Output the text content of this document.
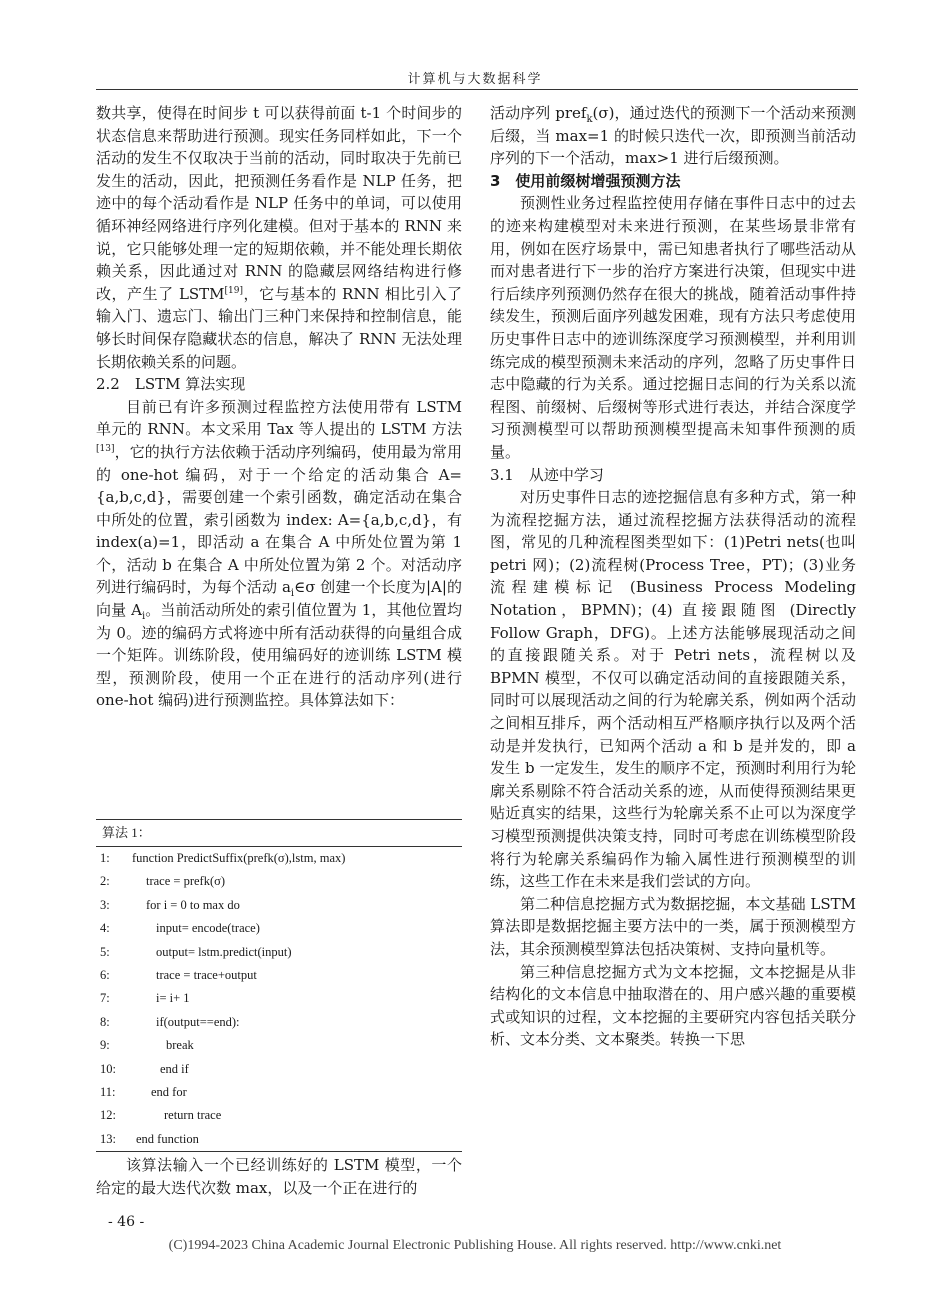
计算机与大数据科学

数共享，使得在时间步 t 可以获得前面 t-1 个时间步的状态信息来帮助进行预测。现实任务同样如此，下一个活动的发生不仅取决于当前的活动，同时取决于先前已发生的活动，因此，把预测任务看作是 NLP 任务，把迹中的每个活动看作是 NLP 任务中的单词，可以使用循环神经网络进行序列化建模。但对于基本的 RNN 来说，它只能够处理一定的短期依赖，并不能处理长期依赖关系，因此通过对 RNN 的隐藏层网络结构进行修改，产生了 LSTM[19]，它与基本的 RNN 相比引入了输入门、遗忘门、输出门三种门来保持和控制信息，能够长时间保存隐藏状态的信息，解决了 RNN 无法处理长期依赖关系的问题。

2.2　LSTM 算法实现

目前已有许多预测过程监控方法使用带有 LSTM 单元的 RNN。本文采用 Tax 等人提出的 LSTM 方法[13]，它的执行方法依赖于活动序列编码，使用最为常用的 one-hot 编码，对于一个给定的活动集合 A={a,b,c,d}，需要创建一个索引函数，确定活动在集合中所处的位置，索引函数为 index: A={a,b,c,d}，有 index(a)=1，即活动 a 在集合 A 中所处位置为第 1 个，活动 b 在集合 A 中所处位置为第 2 个。对活动序列进行编码时，为每个活动 $a_i\in\sigma$ 创建一个长度为|A|的向量 $A_i$。当前活动所处的索引值位置为 1，其他位置均为 0。迹的编码方式将迹中所有活动获得的向量组合成一个矩阵。训练阶段，使用编码好的迹训练 LSTM 模型，预测阶段，使用一个正在进行的活动序列(进行 one-hot 编码)进行预测监控。具体算法如下：

算法 1：
1: function PredictSuffix(prefk(σ),lstm, max)
2:	trace = prefk(σ)
3:	for i = 0 to max do
4:	input= encode(trace)
5:	output= lstm.predict(input)
6:	trace = trace+output
7:	i= i+ 1
8:	if(output==end):
9:	break
10:	end if
11:	end for
12:	return trace
13: end function

该算法输入一个已经训练好的 LSTM 模型，一个给定的最大迭代次数 max，以及一个正在进行的

活动序列 pref$_k$(σ)，通过迭代的预测下一个活动来预测后缀，当 max=1 的时候只迭代一次，即预测当前活动序列的下一个活动，max>1 进行后缀预测。

3　使用前缀树增强预测方法

预测性业务过程监控使用存储在事件日志中的过去的迹来构建模型对未来进行预测，在某些场景非常有用，例如在医疗场景中，需已知患者执行了哪些活动从而对患者进行下一步的治疗方案进行决策，但现实中进行后续序列预测仍然存在很大的挑战，随着活动事件持续发生，预测后面序列越发困难，现有方法只考虑使用历史事件日志中的迹训练深度学习预测模型，并利用训练完成的模型预测未来活动的序列，忽略了历史事件日志中隐藏的行为关系。通过挖掘日志间的行为关系以流程图、前缀树、后缀树等形式进行表达，并结合深度学习预测模型可以帮助预测模型提高未知事件预测的质量。

3.1　从迹中学习

对历史事件日志的迹挖掘信息有多种方式，第一种为流程挖掘方法，通过流程挖掘方法获得活动的流程图，常见的几种流程图类型如下：(1)Petri nets(也叫 petri 网)；(2)流程树(Process Tree，PT)；(3)业务流程建模标记 (Business Process Modeling Notation，BPMN)；(4) 直接跟随图 (Directly Follow Graph，DFG)。上述方法能够展现活动之间的直接跟随关系。对于 Petri nets，流程树以及 BPMN 模型，不仅可以确定活动间的直接跟随关系，同时可以展现活动之间的行为轮廓关系，例如两个活动之间相互排斥，两个活动相互严格顺序执行以及两个活动是并发执行，已知两个活动 a 和 b 是并发的，即 a 发生 b 一定发生，发生的顺序不定，预测时利用行为轮廓关系剔除不符合活动关系的迹，从而使得预测结果更贴近真实的结果，这些行为轮廓关系不止可以为深度学习模型预测提供决策支持，同时可考虑在训练模型阶段将行为轮廓关系编码作为输入属性进行预测模型的训练，这些工作在未来是我们尝试的方向。

第二种信息挖掘方式为数据挖掘，本文基础 LSTM 算法即是数据挖掘主要方法中的一类，属于预测模型方法，其余预测模型算法包括决策树、支持向量机等。

第三种信息挖掘方式为文本挖掘，文本挖掘是从非结构化的文本信息中抽取潜在的、用户感兴趣的重要模式或知识的过程，文本挖掘的主要研究内容包括关联分析、文本分类、文本聚类。转换一下思

- 46 -
(C)1994-2023 China Academic Journal Electronic Publishing House. All rights reserved. http://www.cnki.net
